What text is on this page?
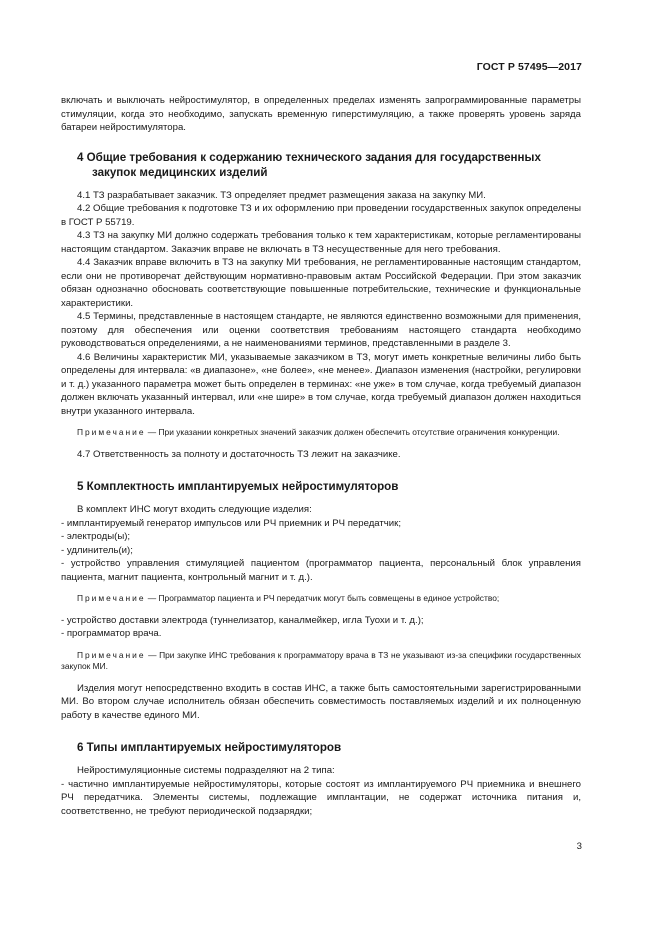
ГОСТ Р 57495—2017

включать и выключать нейростимулятор, в определенных пределах изменять запрограммированные параметры стимуляции, когда это необходимо, запускать временную гиперстимуляцию, а также проверять уровень заряда батареи нейростимулятора.

4 Общие требования к содержанию технического задания для государственных закупок медицинских изделий

4.1 ТЗ разрабатывает заказчик. ТЗ определяет предмет размещения заказа на закупку МИ.

4.2 Общие требования к подготовке ТЗ и их оформлению при проведении государственных закупок определены в ГОСТ Р 55719.

4.3 ТЗ на закупку МИ должно содержать требования только к тем характеристикам, которые регламентированы настоящим стандартом. Заказчик вправе не включать в ТЗ несущественные для него требования.

4.4 Заказчик вправе включить в ТЗ на закупку МИ требования, не регламентированные настоящим стандартом, если они не противоречат действующим нормативно-правовым актам Российской Федерации. При этом заказчик обязан однозначно обосновать соответствующие повышенные потребительские, технические и функциональные характеристики.

4.5 Термины, представленные в настоящем стандарте, не являются единственно возможными для применения, поэтому для обеспечения или оценки соответствия требованиям настоящего стандарта необходимо руководствоваться определениями, а не наименованиями терминов, представленными в разделе 3.

4.6 Величины характеристик МИ, указываемые заказчиком в ТЗ, могут иметь конкретные величины либо быть определены для интервала: «в диапазоне», «не более», «не менее». Диапазон изменения (настройки, регулировки и т. д.) указанного параметра может быть определен в терминах: «не уже» в том случае, когда требуемый диапазон должен включать указанный интервал, или «не шире» в том случае, когда требуемый диапазон должен находиться внутри указанного интервала.

Примечание — При указании конкретных значений заказчик должен обеспечить отсутствие ограничения конкуренции.

4.7 Ответственность за полноту и достаточность ТЗ лежит на заказчике.

5 Комплектность имплантируемых нейростимуляторов

В комплект ИНС могут входить следующие изделия:

- имплантируемый генератор импульсов или РЧ приемник и РЧ передатчик;

- электроды(ы);

- удлинитель(и);

- устройство управления стимуляцией пациентом (программатор пациента, персональный блок управления пациента, магнит пациента, контрольный магнит и т. д.).

Примечание — Программатор пациента и РЧ передатчик могут быть совмещены в единое устройство;

- устройство доставки электрода (туннелизатор, каналмейкер, игла Туохи и т. д.);

- программатор врача.

Примечание — При закупке ИНС требования к программатору врача в ТЗ не указывают из-за специфики государственных закупок МИ.

Изделия могут непосредственно входить в состав ИНС, а также быть самостоятельными зарегистрированными МИ. Во втором случае исполнитель обязан обеспечить совместимость поставляемых изделий и их полноценную работу в качестве единого МИ.

6 Типы имплантируемых нейростимуляторов

Нейростимуляционные системы подразделяют на 2 типа:

- частично имплантируемые нейростимуляторы, которые состоят из имплантируемого РЧ приемника и внешнего РЧ передатчика. Элементы системы, подлежащие имплантации, не содержат источника питания и, соответственно, не требуют периодической подзарядки;

3
